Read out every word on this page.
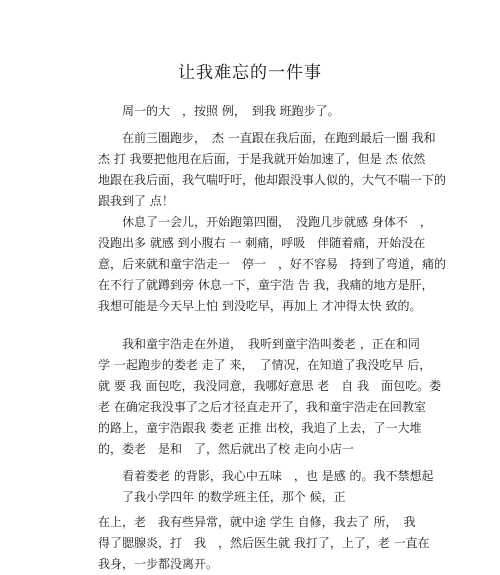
让我难忘的一件事
　　周一的大　，按照 例，　到我 班跑步了。
　　在前三圈跑步，　杰 一直跟在我后面，在跑到最后一圈 我和
杰 打 我要把他甩在后面，于是我就开始加速了，但是 杰 依然
地跟在我后面，我气喘吁吁，他却跟没事人似的，大气不喘一下的
跟我到了 点！
　　休息了一会儿，开始跑第四圈，　没跑几步就感 身体不　，
没跑出多 就感 到小腹右 一 刺痛，呼吸　伴随着痛，开始没在
意，后来就和童宇浩走一　停一　，好不容易　持到了弯道，痛的
在不行了就蹲到旁 休息一下，童宇浩 告 我，我痛的地方是肝，
我想可能是今天早上怕 到没吃早，再加上 才冲得太快 致的。
　　我和童宇浩走在外道，　我听到童宇浩叫娄老 ，正在和同
学 一起跑步的娄老 走了 来，　了情况，在知道了我没吃早 后，
就 要 我 面包吃，我没同意，我哪好意思 老　自 我　面包吃。娄
老 在确定我没事了之后才径直走开了，我和童宇浩走在回教室
的路上，童宇浩跟我 娄老 正推 出校，我追了上去，了一大堆
的，娄老　是和　了，然后就出了校 走向小店一
　　看着娄老 的背影，我心中五味　，也 是感 的。我不禁想起
　　了我小学四年 的数学班主任，那个 候，正
在上，老　我有些异常，就中途 学生 自修，我去了 所，　我
得了腮腺炎，打　我　，然后医生就 我打了，上了，老 一直在
我身，一步都没离开。
